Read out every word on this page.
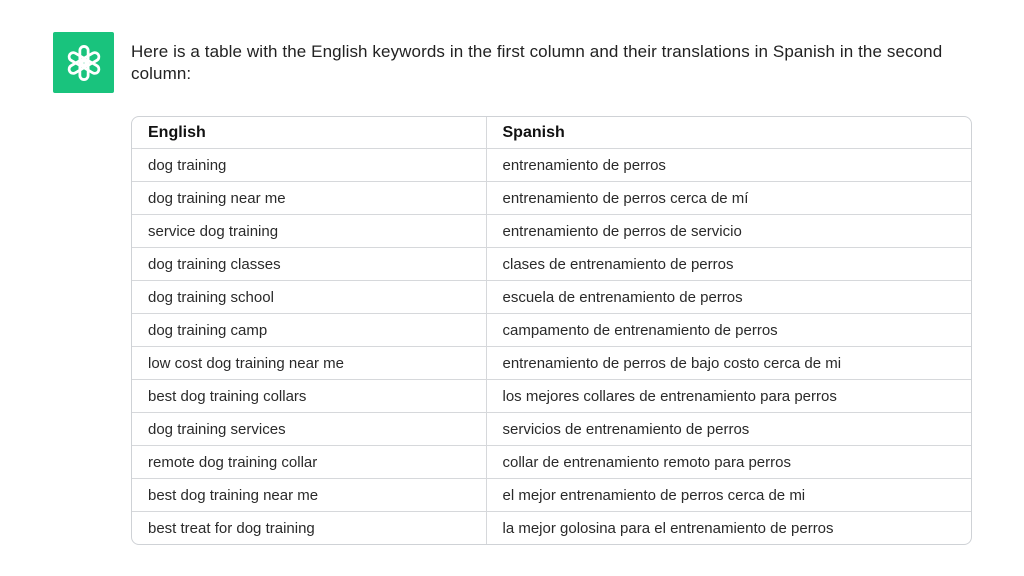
Here is a table with the English keywords in the first column and their translations in Spanish in the second column:
English	Spanish
dog training	entrenamiento de perros
dog training near me	entrenamiento de perros cerca de mí
service dog training	entrenamiento de perros de servicio
dog training classes	clases de entrenamiento de perros
dog training school	escuela de entrenamiento de perros
dog training camp	campamento de entrenamiento de perros
low cost dog training near me	entrenamiento de perros de bajo costo cerca de mi
best dog training collars	los mejores collares de entrenamiento para perros
dog training services	servicios de entrenamiento de perros
remote dog training collar	collar de entrenamiento remoto para perros
best dog training near me	el mejor entrenamiento de perros cerca de mi
best treat for dog training	la mejor golosina para el entrenamiento de perros
